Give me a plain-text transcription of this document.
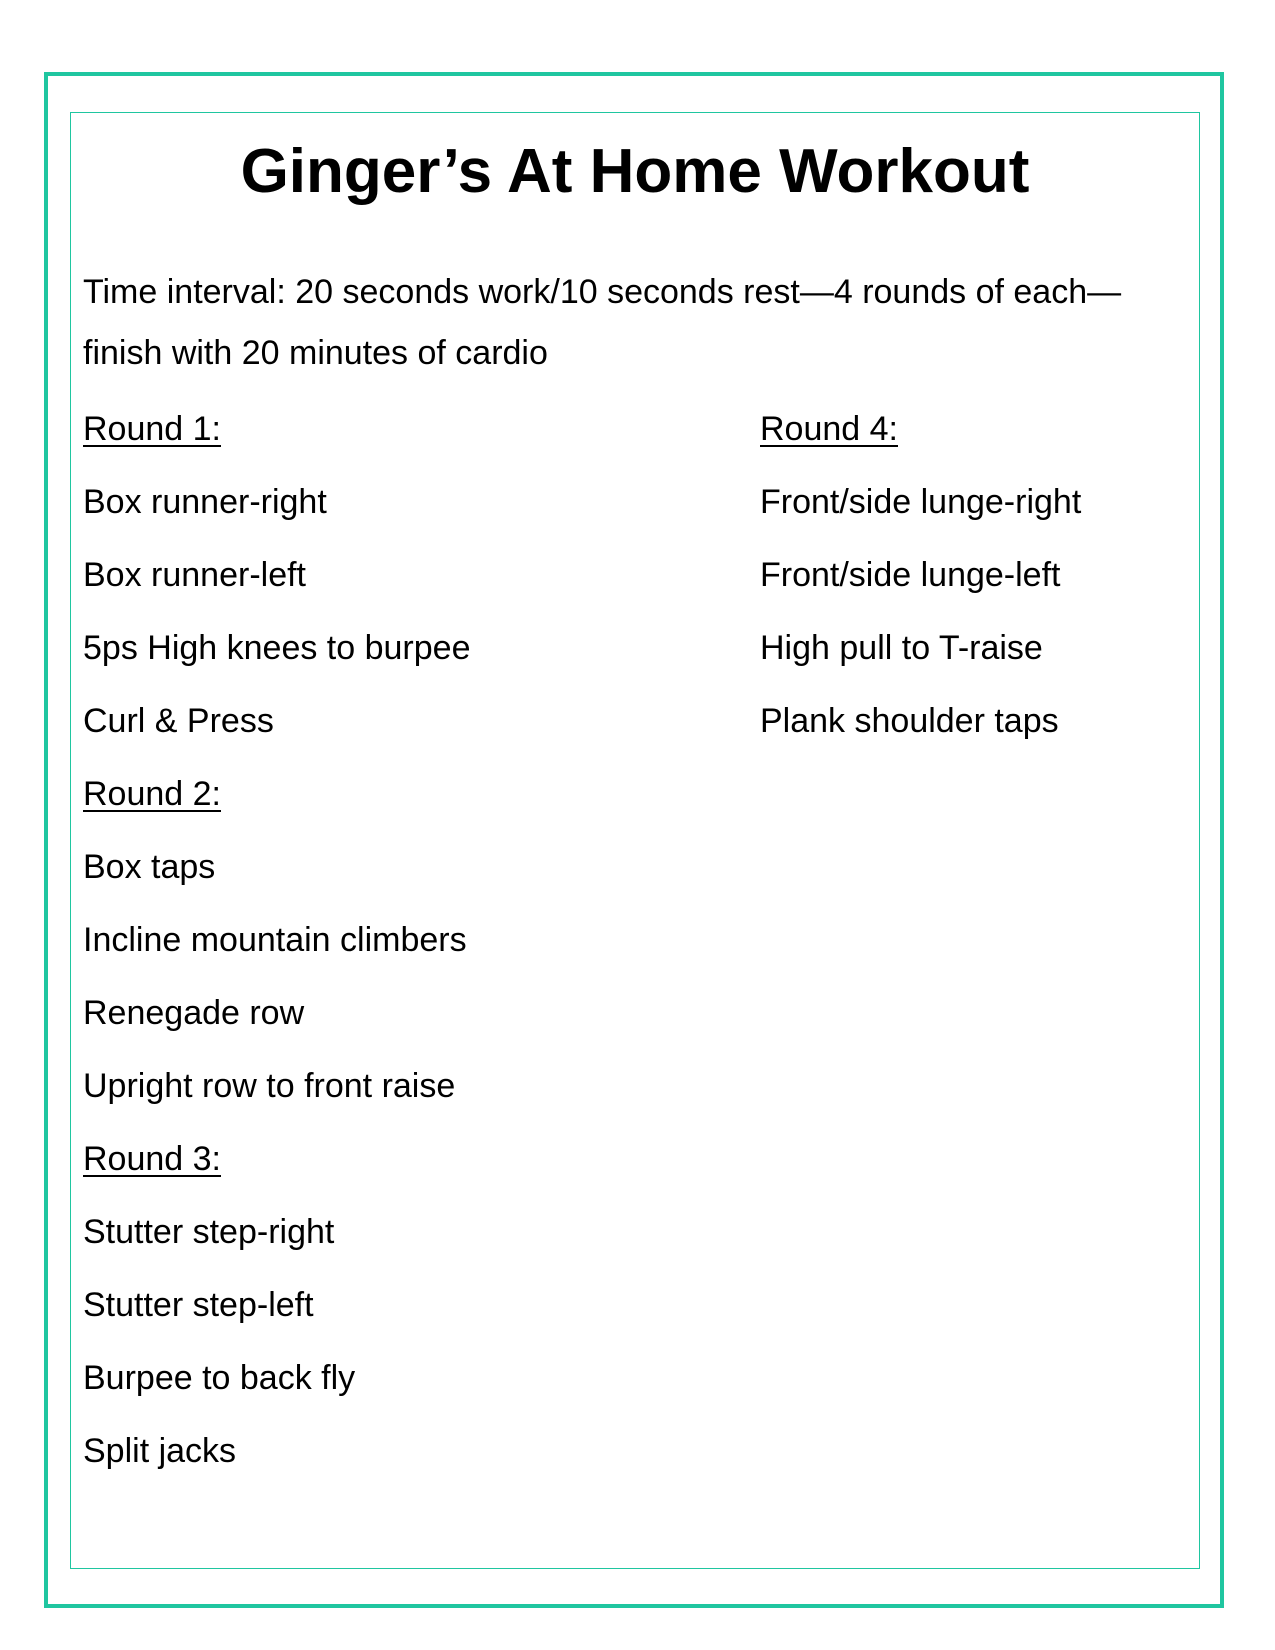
Ginger’s At Home Workout

Time interval: 20 seconds work/10 seconds rest—4 rounds of each—finish with 20 minutes of cardio

Round 1:
Box runner-right
Box runner-left
5ps High knees to burpee
Curl & Press
Round 2:
Box taps
Incline mountain climbers
Renegade row
Upright row to front raise
Round 3:
Stutter step-right
Stutter step-left
Burpee to back fly
Split jacks
Round 4:
Front/side lunge-right
Front/side lunge-left
High pull to T-raise
Plank shoulder taps
